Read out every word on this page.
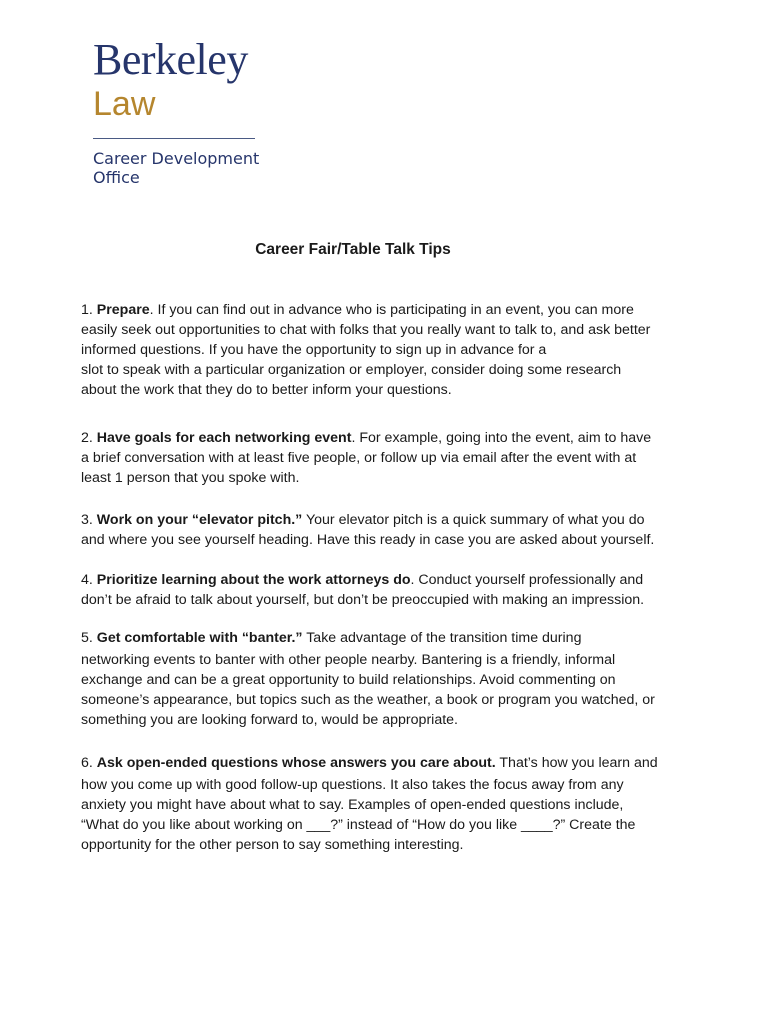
Berkeley
Law
Career Development
Office
Career Fair/Table Talk Tips
1. Prepare. If you can find out in advance who is participating in an event, you can more
easily seek out opportunities to chat with folks that you really want to talk to, and ask better
informed questions. If you have the opportunity to sign up in advance for a
slot to speak with a particular organization or employer, consider doing some research
about the work that they do to better inform your questions.
2. Have goals for each networking event. For example, going into the event, aim to have
a brief conversation with at least five people, or follow up via email after the event with at
least 1 person that you spoke with.
3. Work on your “elevator pitch.” Your elevator pitch is a quick summary of what you do
and where you see yourself heading. Have this ready in case you are asked about yourself.
4. Prioritize learning about the work attorneys do. Conduct yourself professionally and
don’t be afraid to talk about yourself, but don’t be preoccupied with making an impression.
5. Get comfortable with “banter.” Take advantage of the transition time during
networking events to banter with other people nearby. Bantering is a friendly, informal
exchange and can be a great opportunity to build relationships. Avoid commenting on
someone’s appearance, but topics such as the weather, a book or program you watched, or
something you are looking forward to, would be appropriate.
6. Ask open-ended questions whose answers you care about. That’s how you learn and
how you come up with good follow-up questions. It also takes the focus away from any
anxiety you might have about what to say. Examples of open-ended questions include,
“What do you like about working on ___?” instead of “How do you like ____?” Create the
opportunity for the other person to say something interesting.
